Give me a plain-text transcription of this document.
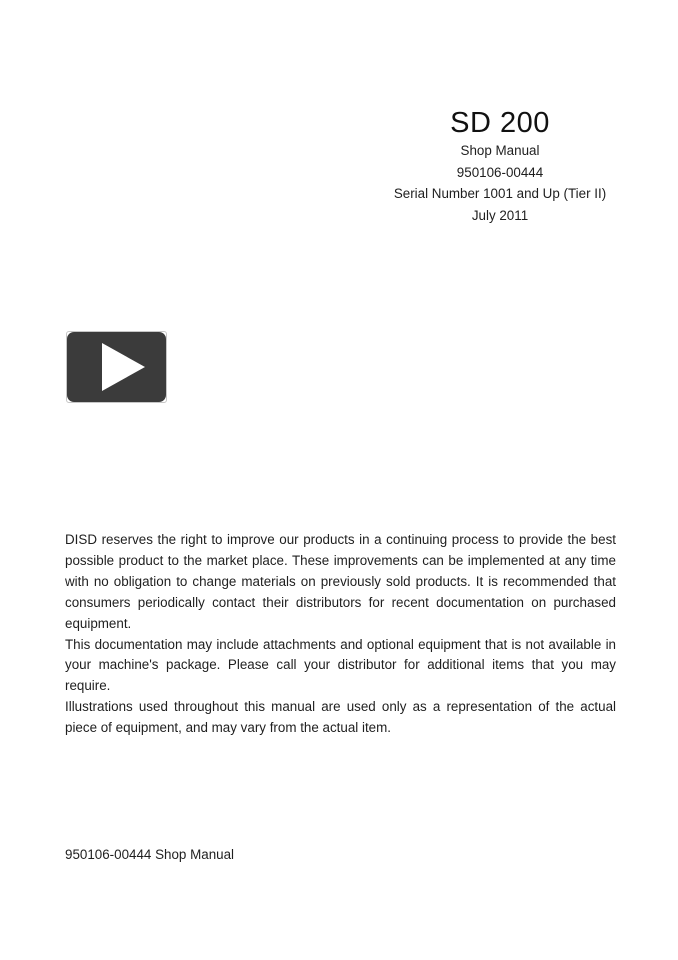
SD 200
Shop Manual
950106-00444
Serial Number 1001 and Up (Tier II)
July 2011

DISD reserves the right to improve our products in a continuing process to provide the best possible product to the market place. These improvements can be implemented at any time with no obligation to change materials on previously sold products. It is recommended that consumers periodically contact their distributors for recent documentation on purchased equipment.

This documentation may include attachments and optional equipment that is not available in your machine's package. Please call your distributor for additional items that you may require.

Illustrations used throughout this manual are used only as a representation of the actual piece of equipment, and may vary from the actual item.

950106-00444 Shop Manual
